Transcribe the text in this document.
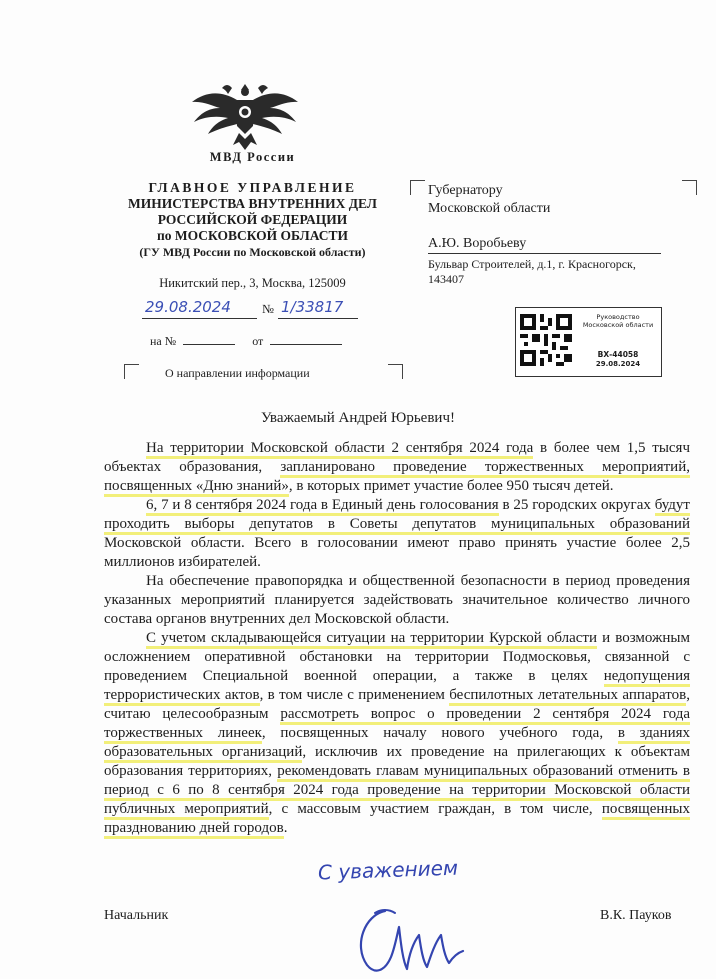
МВД России
ГЛАВНОЕ УПРАВЛЕНИЕ
МИНИСТЕРСТВА ВНУТРЕННИХ ДЕЛ
РОССИЙСКОЙ ФЕДЕРАЦИИ
по МОСКОВСКОЙ ОБЛАСТИ
(ГУ МВД России по Московской области)
Никитский пер., 3, Москва, 125009
29.08.2024 № 1/33817
на №	от
О направлении информации
Губернатору
Московской области
А.Ю. Воробьеву
Бульвар Строителей, д.1, г. Красногорск,
143407
Руководство
Московской области
ВХ-44058
29.08.2024
Уважаемый Андрей Юрьевич!

На территории Московской области 2 сентября 2024 года в более чем 1,5 тысяч объектах образования, запланировано проведение торжественных мероприятий, посвященных «Дню знаний», в которых примет участие более 950 тысяч детей.

6, 7 и 8 сентября 2024 года в Единый день голосования в 25 городских округах будут проходить выборы депутатов в Советы депутатов муниципальных образований Московской области. Всего в голосовании имеют право принять участие более 2,5 миллионов избирателей.

На обеспечение правопорядка и общественной безопасности в период проведения указанных мероприятий планируется задействовать значительное количество личного состава органов внутренних дел Московской области.

С учетом складывающейся ситуации на территории Курской области и возможным осложнением оперативной обстановки на территории Подмосковья, связанной с проведением Специальной военной операции, а также в целях недопущения террористических актов, в том числе с применением беспилотных летательных аппаратов, считаю целесообразным рассмотреть вопрос о проведении 2 сентября 2024 года торжественных линеек, посвященных началу нового учебного года, в зданиях образовательных организаций, исключив их проведение на прилегающих к объектам образования территориях, рекомендовать главам муниципальных образований отменить в период с 6 по 8 сентября 2024 года проведение на территории Московской области публичных мероприятий, с массовым участием граждан, в том числе, посвященных празднованию дней городов.

С уважением
Начальник	В.К. Пауков
